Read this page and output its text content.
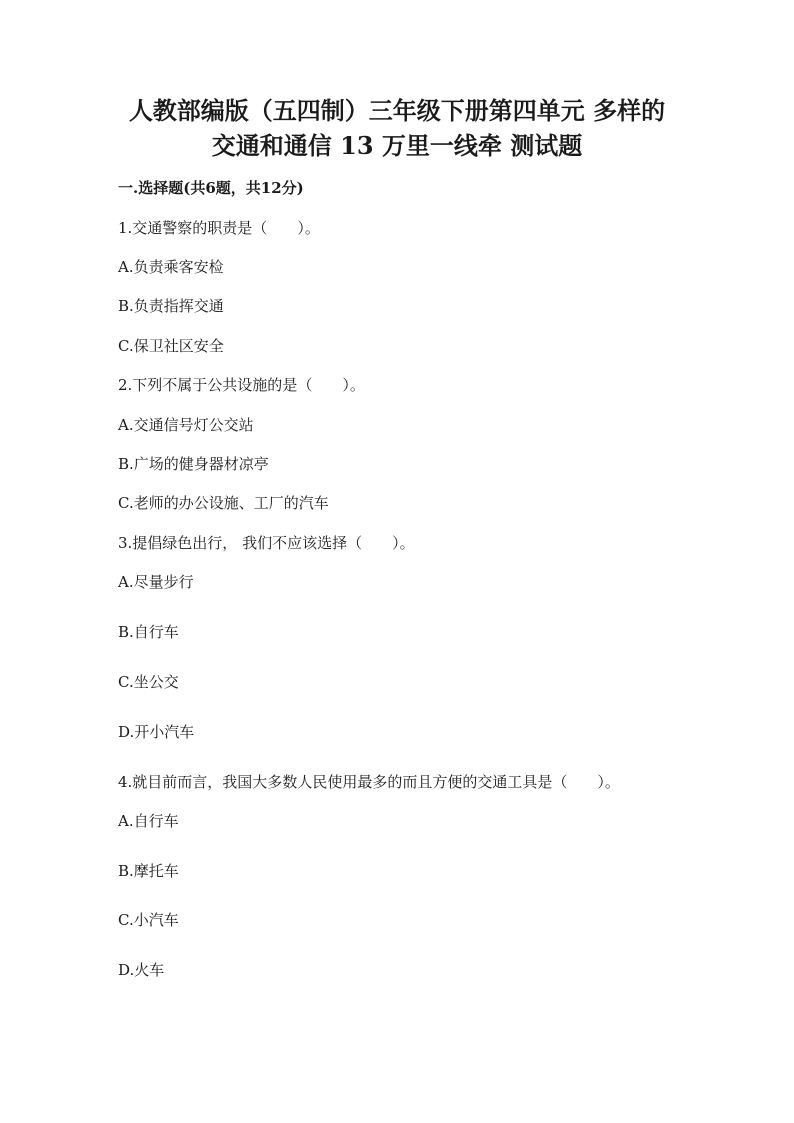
人教部编版（五四制）三年级下册第四单元 多样的
交通和通信 13 万里一线牵 测试题
一.选择题(共6题，共12分)
1.交通警察的职责是（　　）。
A.负责乘客安检
B.负责指挥交通
C.保卫社区安全
2.下列不属于公共设施的是（　　）。
A.交通信号灯公交站
B.广场的健身器材凉亭
C.老师的办公设施、工厂的汽车
3.提倡绿色出行， 我们不应该选择（　　）。
A.尽量步行
B.自行车
C.坐公交
D.开小汽车
4.就目前而言，我国大多数人民使用最多的而且方便的交通工具是（　　）。
A.自行车
B.摩托车
C.小汽车
D.火车
